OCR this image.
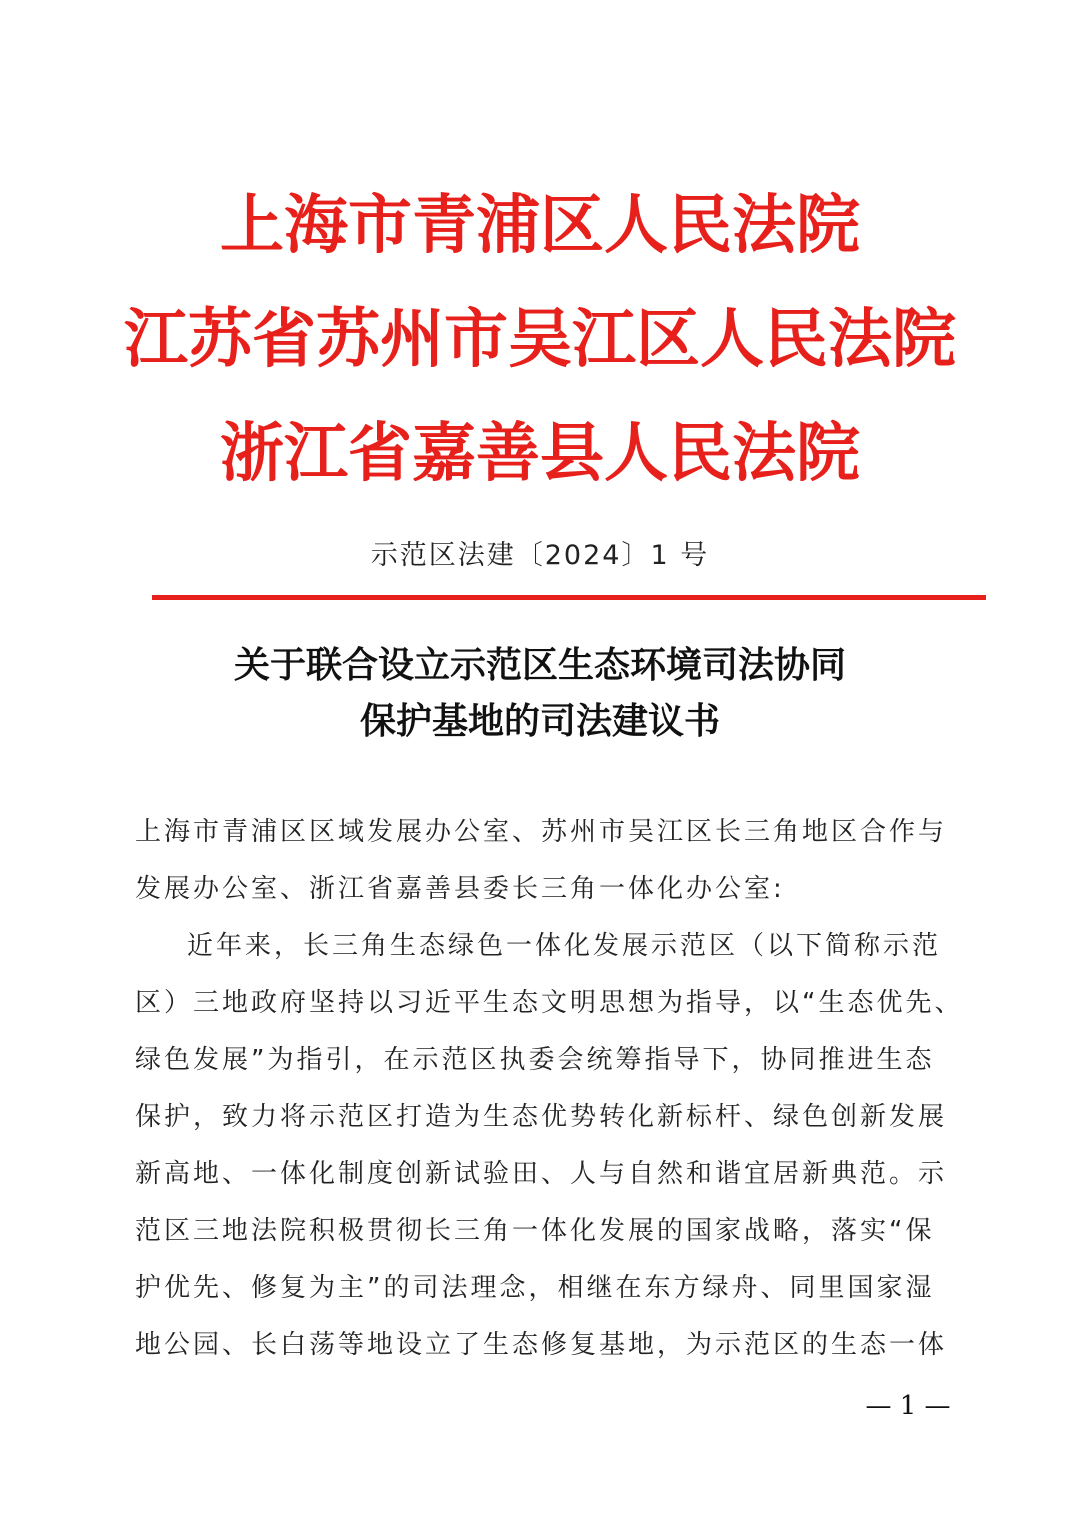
上海市青浦区人民法院
江苏省苏州市吴江区人民法院
浙江省嘉善县人民法院
示范区法建〔2024〕1 号
关于联合设立示范区生态环境司法协同
保护基地的司法建议书
上海市青浦区区域发展办公室、苏州市吴江区长三角地区合作与
发展办公室、浙江省嘉善县委长三角一体化办公室:
近年来，长三角生态绿色一体化发展示范区（以下简称示范
区）三地政府坚持以习近平生态文明思想为指导，以“生态优先、
绿色发展”为指引，在示范区执委会统筹指导下，协同推进生态
保护，致力将示范区打造为生态优势转化新标杆、绿色创新发展
新高地、一体化制度创新试验田、人与自然和谐宜居新典范。示
范区三地法院积极贯彻长三角一体化发展的国家战略，落实“保
护优先、修复为主”的司法理念，相继在东方绿舟、同里国家湿
地公园、长白荡等地设立了生态修复基地，为示范区的生态一体
— 1 —
